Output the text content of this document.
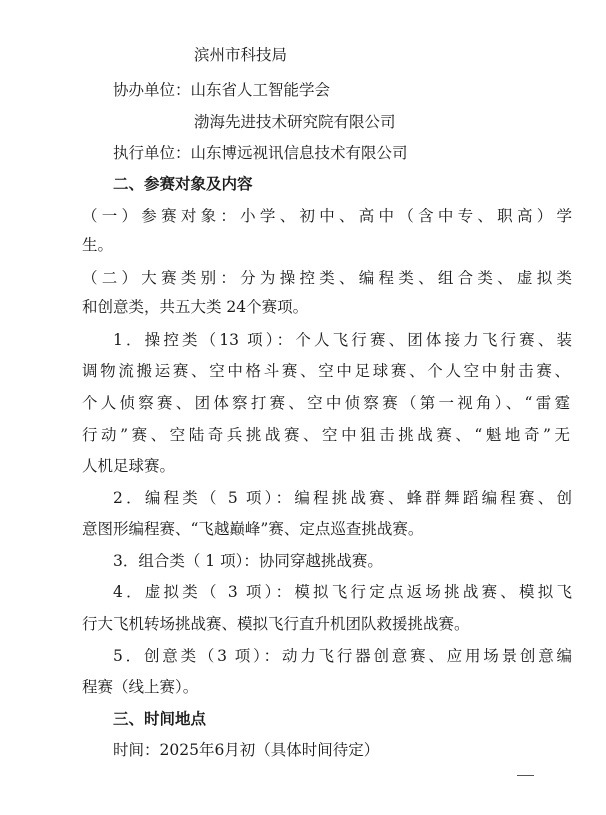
滨州市科技局
协办单位：山东省人工智能学会
渤海先进技术研究院有限公司
执行单位：山东博远视讯信息技术有限公司
二、参赛对象及内容
（一）参赛对象：小学、初中、高中（含中专、职高）学
生。
（二）大赛类别：分为操控类、编程类、组合类、虚拟类
和创意类，共五大类 24个赛项。
1．操控类（13 项）：个人飞行赛、团体接力飞行赛、装
调物流搬运赛、空中格斗赛、空中足球赛、个人空中射击赛、
个人侦察赛、团体察打赛、空中侦察赛（第一视角）、“雷霆
行动”赛、空陆奇兵挑战赛、空中狙击挑战赛、“魁地奇”无
人机足球赛。
2．编程类（ 5 项）：编程挑战赛、蜂群舞蹈编程赛、创
意图形编程赛、“飞越巅峰”赛、定点巡查挑战赛。
3．组合类（ 1 项）：协同穿越挑战赛。
4．虚拟类（ 3 项）：模拟飞行定点返场挑战赛、模拟飞
行大飞机转场挑战赛、模拟飞行直升机团队救援挑战赛。
5．创意类（3 项）：动力飞行器创意赛、应用场景创意编
程赛（线上赛）。
三、时间地点
时间：2025年6月初（具体时间待定）
